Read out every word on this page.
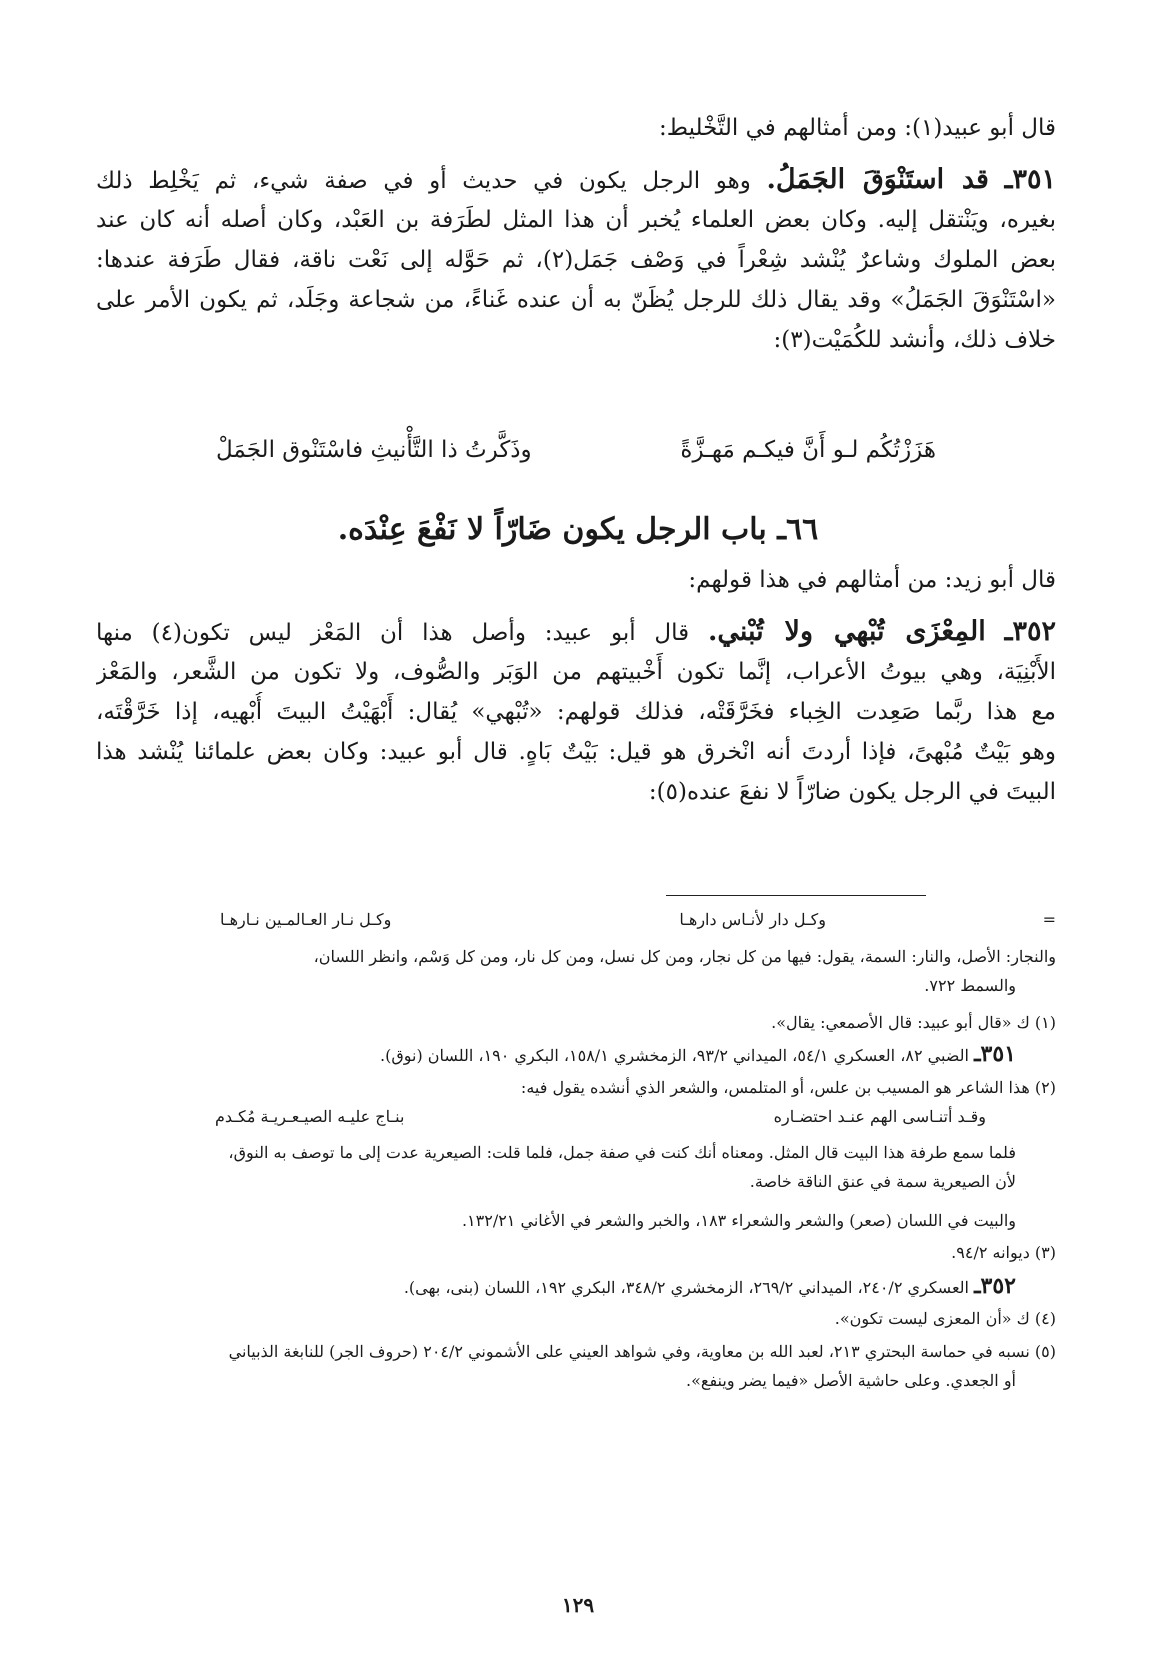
قال أبو عبيد(١): ومن أمثالهم في التَّخْليط:
٣٥١ـ قد استَنْوَقَ الجَمَلُ. وهو الرجل يكون في حديث أو في صفة شيء، ثم يَخْلِط ذلك
بغيره، ويَنْتقل إليه. وكان بعض العلماء يُخبر أن هذا المثل لطَرَفة بن العَبْد، وكان أصله أنه كان عند
بعض الملوك وشاعرٌ يُنْشد شِعْراً في وَصْف جَمَل(٢)، ثم حَوَّله إلى نَعْت ناقة، فقال طَرَفة عندها:
«اسْتَنْوَقَ الجَمَلُ» وقد يقال ذلك للرجل يُظَنّ به أن عنده غَناءً، من شجاعة وجَلَد، ثم يكون الأمر على
خلاف ذلك، وأنشد للكُمَيْت(٣):
هَزَزْتُكُم لـو أَنَّ فيكـم مَهـزَّةً
وذَكَّرتُ ذا التَّأْنيثِ فاسْتَنْوق الجَمَلْ
٦٦ـ باب الرجل يكون ضَارّاً لا نَفْعَ عِنْدَه.
قال أبو زيد: من أمثالهم في هذا قولهم:
٣٥٢ـ المِعْزَى تُبْهي ولا تُبْني. قال أبو عبيد: وأصل هذا أن المَعْز ليس تكون(٤) منها
الأَبْنِيَة، وهي بيوتُ الأعراب، إنَّما تكون أَخْبيتهم من الوَبَر والصُّوف، ولا تكون من الشَّعر، والمَعْز
مع هذا ربَّما صَعِدت الخِباء فخَرَّقَتْه، فذلك قولهم: «تُبْهي» يُقال: أَبْهَيْتُ البيتَ أُبْهيه، إذا خَرَّقْتَه،
وهو بَيْتٌ مُبْهىً، فإذا أردتَ أنه انْخرق هو قيل: بَيْتٌ بَاهٍ. قال أبو عبيد: وكان بعض علمائنا يُنْشد هذا
البيتَ في الرجل يكون ضارّاً لا نفعَ عنده(٥):
=
وكـل دار لأنـاس دارهـا
وكـل نـار العـالمـين نـارهـا
والنجار: الأصل، والنار: السمة، يقول: فيها من كل نجار، ومن كل نسل، ومن كل نار، ومن كل وَسْم، وانظر اللسان،
والسمط ٧٢٢.
(١) ك «قال أبو عبيد: قال الأصمعي: يقال».
٣٥١ـ الضبي ٨٢، العسكري ٥٤/١، الميداني ٩٣/٢، الزمخشري ١٥٨/١، البكري ١٩٠، اللسان (نوق).
(٢) هذا الشاعر هو المسيب بن علس، أو المتلمس، والشعر الذي أنشده يقول فيه:
وقـد أتنـاسى الهم عنـد احتضـاره
بنـاج عليـه الصيـعـريـة مُكـدم
فلما سمع طرفة هذا البيت قال المثل. ومعناه أنك كنت في صفة جمل، فلما قلت: الصيعرية عدت إلى ما توصف به النوق،
لأن الصيعرية سمة في عنق الناقة خاصة.
والبيت في اللسان (صعر) والشعر والشعراء ١٨٣، والخبر والشعر في الأغاني ١٣٢/٢١.
(٣) ديوانه ٩٤/٢.
٣٥٢ـ العسكري ٢٤٠/٢، الميداني ٢٦٩/٢، الزمخشري ٣٤٨/٢، البكري ١٩٢، اللسان (بنى، بهى).
(٤) ك «أن المعزى ليست تكون».
(٥) نسبه في حماسة البحتري ٢١٣، لعبد الله بن معاوية، وفي شواهد العيني على الأشموني ٢٠٤/٢ (حروف الجر) للنابغة الذبياني
أو الجعدي. وعلى حاشية الأصل «فيما يضر وينفع».
١٢٩
